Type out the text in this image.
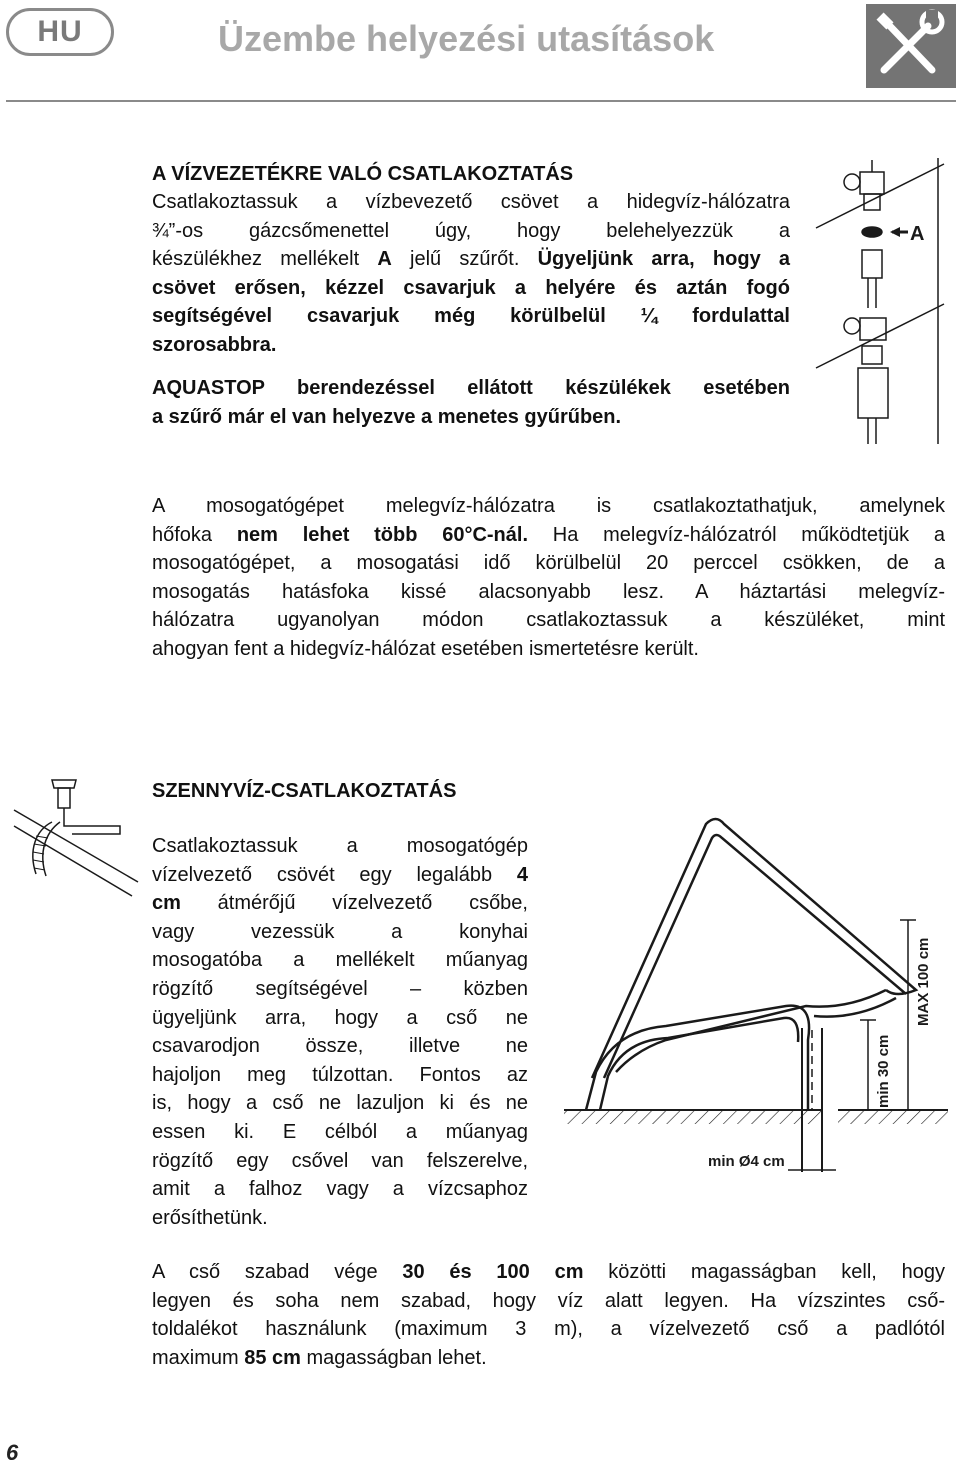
HU	Üzembe helyezési utasítások
A VÍZVEZETÉKRE VALÓ CSATLAKOZTATÁS
Csatlakoztassuk a vízbevezető csövet a hidegvíz-hálózatra
¾”-os gázcsőmenettel úgy, hogy belehelyezzük a
készülékhez mellékelt A jelű szűrőt. Ügyeljünk arra, hogy a
csövet erősen, kézzel csavarjuk a helyére és aztán fogó
segítségével csavarjuk még körülbelül ¼ fordulattal
szorosabbra.
AQUASTOP berendezéssel ellátott készülékek esetében
a szűrő már el van helyezve a menetes gyűrűben.
A
A mosogatógépet melegvíz-hálózatra is csatlakoztathatjuk, amelynek
hőfoka nem lehet több 60°C-nál. Ha melegvíz-hálózatról működtetjük a
mosogatógépet, a mosogatási idő körülbelül 20 perccel csökken, de a
mosogatás hatásfoka kissé alacsonyabb lesz. A háztartási melegvíz-
hálózatra ugyanolyan módon csatlakoztassuk a készüléket, mint
ahogyan fent a hidegvíz-hálózat esetében ismertetésre került.
SZENNYVÍZ-CSATLAKOZTATÁS
Csatlakoztassuk a mosogatógép
vízelvezető csövét egy legalább 4
cm átmérőjű vízelvezető csőbe,
vagy vezessük a konyhai
mosogatóba a mellékelt műanyag
rögzítő segítségével – közben
ügyeljünk arra, hogy a cső ne
csavarodjon össze, illetve ne
hajoljon meg túlzottan. Fontos az
is, hogy a cső ne lazuljon ki és ne
essen ki. E célból a műanyag
rögzítő egy csővel van felszerelve,
amit a falhoz vagy a vízcsaphoz
erősíthetünk.
MAX 100 cm
min 30 cm
min Ø4 cm
A cső szabad vége 30 és 100 cm közötti magasságban kell, hogy
legyen és soha nem szabad, hogy víz alatt legyen. Ha vízszintes cső-
toldalékot használunk (maximum 3 m), a vízelvezető cső a padlótól
maximum 85 cm magasságban lehet.
6
